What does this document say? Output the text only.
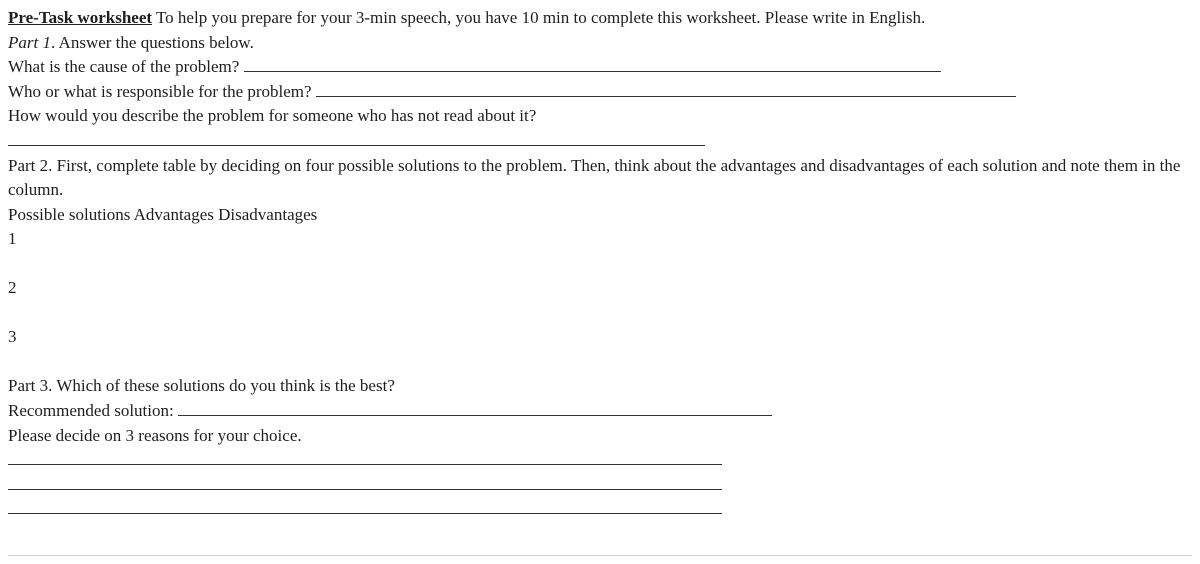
Pre-Task worksheet To help you prepare for your 3-min speech, you have 10 min to complete this worksheet. Please write in English.
Part 1. Answer the questions below.
What is the cause of the problem?
Who or what is responsible for the problem?
How would you describe the problem for someone who has not read about it?
Part 2. First, complete table by deciding on four possible solutions to the problem. Then, think about the advantages and disadvantages of each solution and note them in the column.
Possible solutions Advantages Disadvantages
1
2
3
Part 3. Which of these solutions do you think is the best?
Recommended solution:
Please decide on 3 reasons for your choice.
